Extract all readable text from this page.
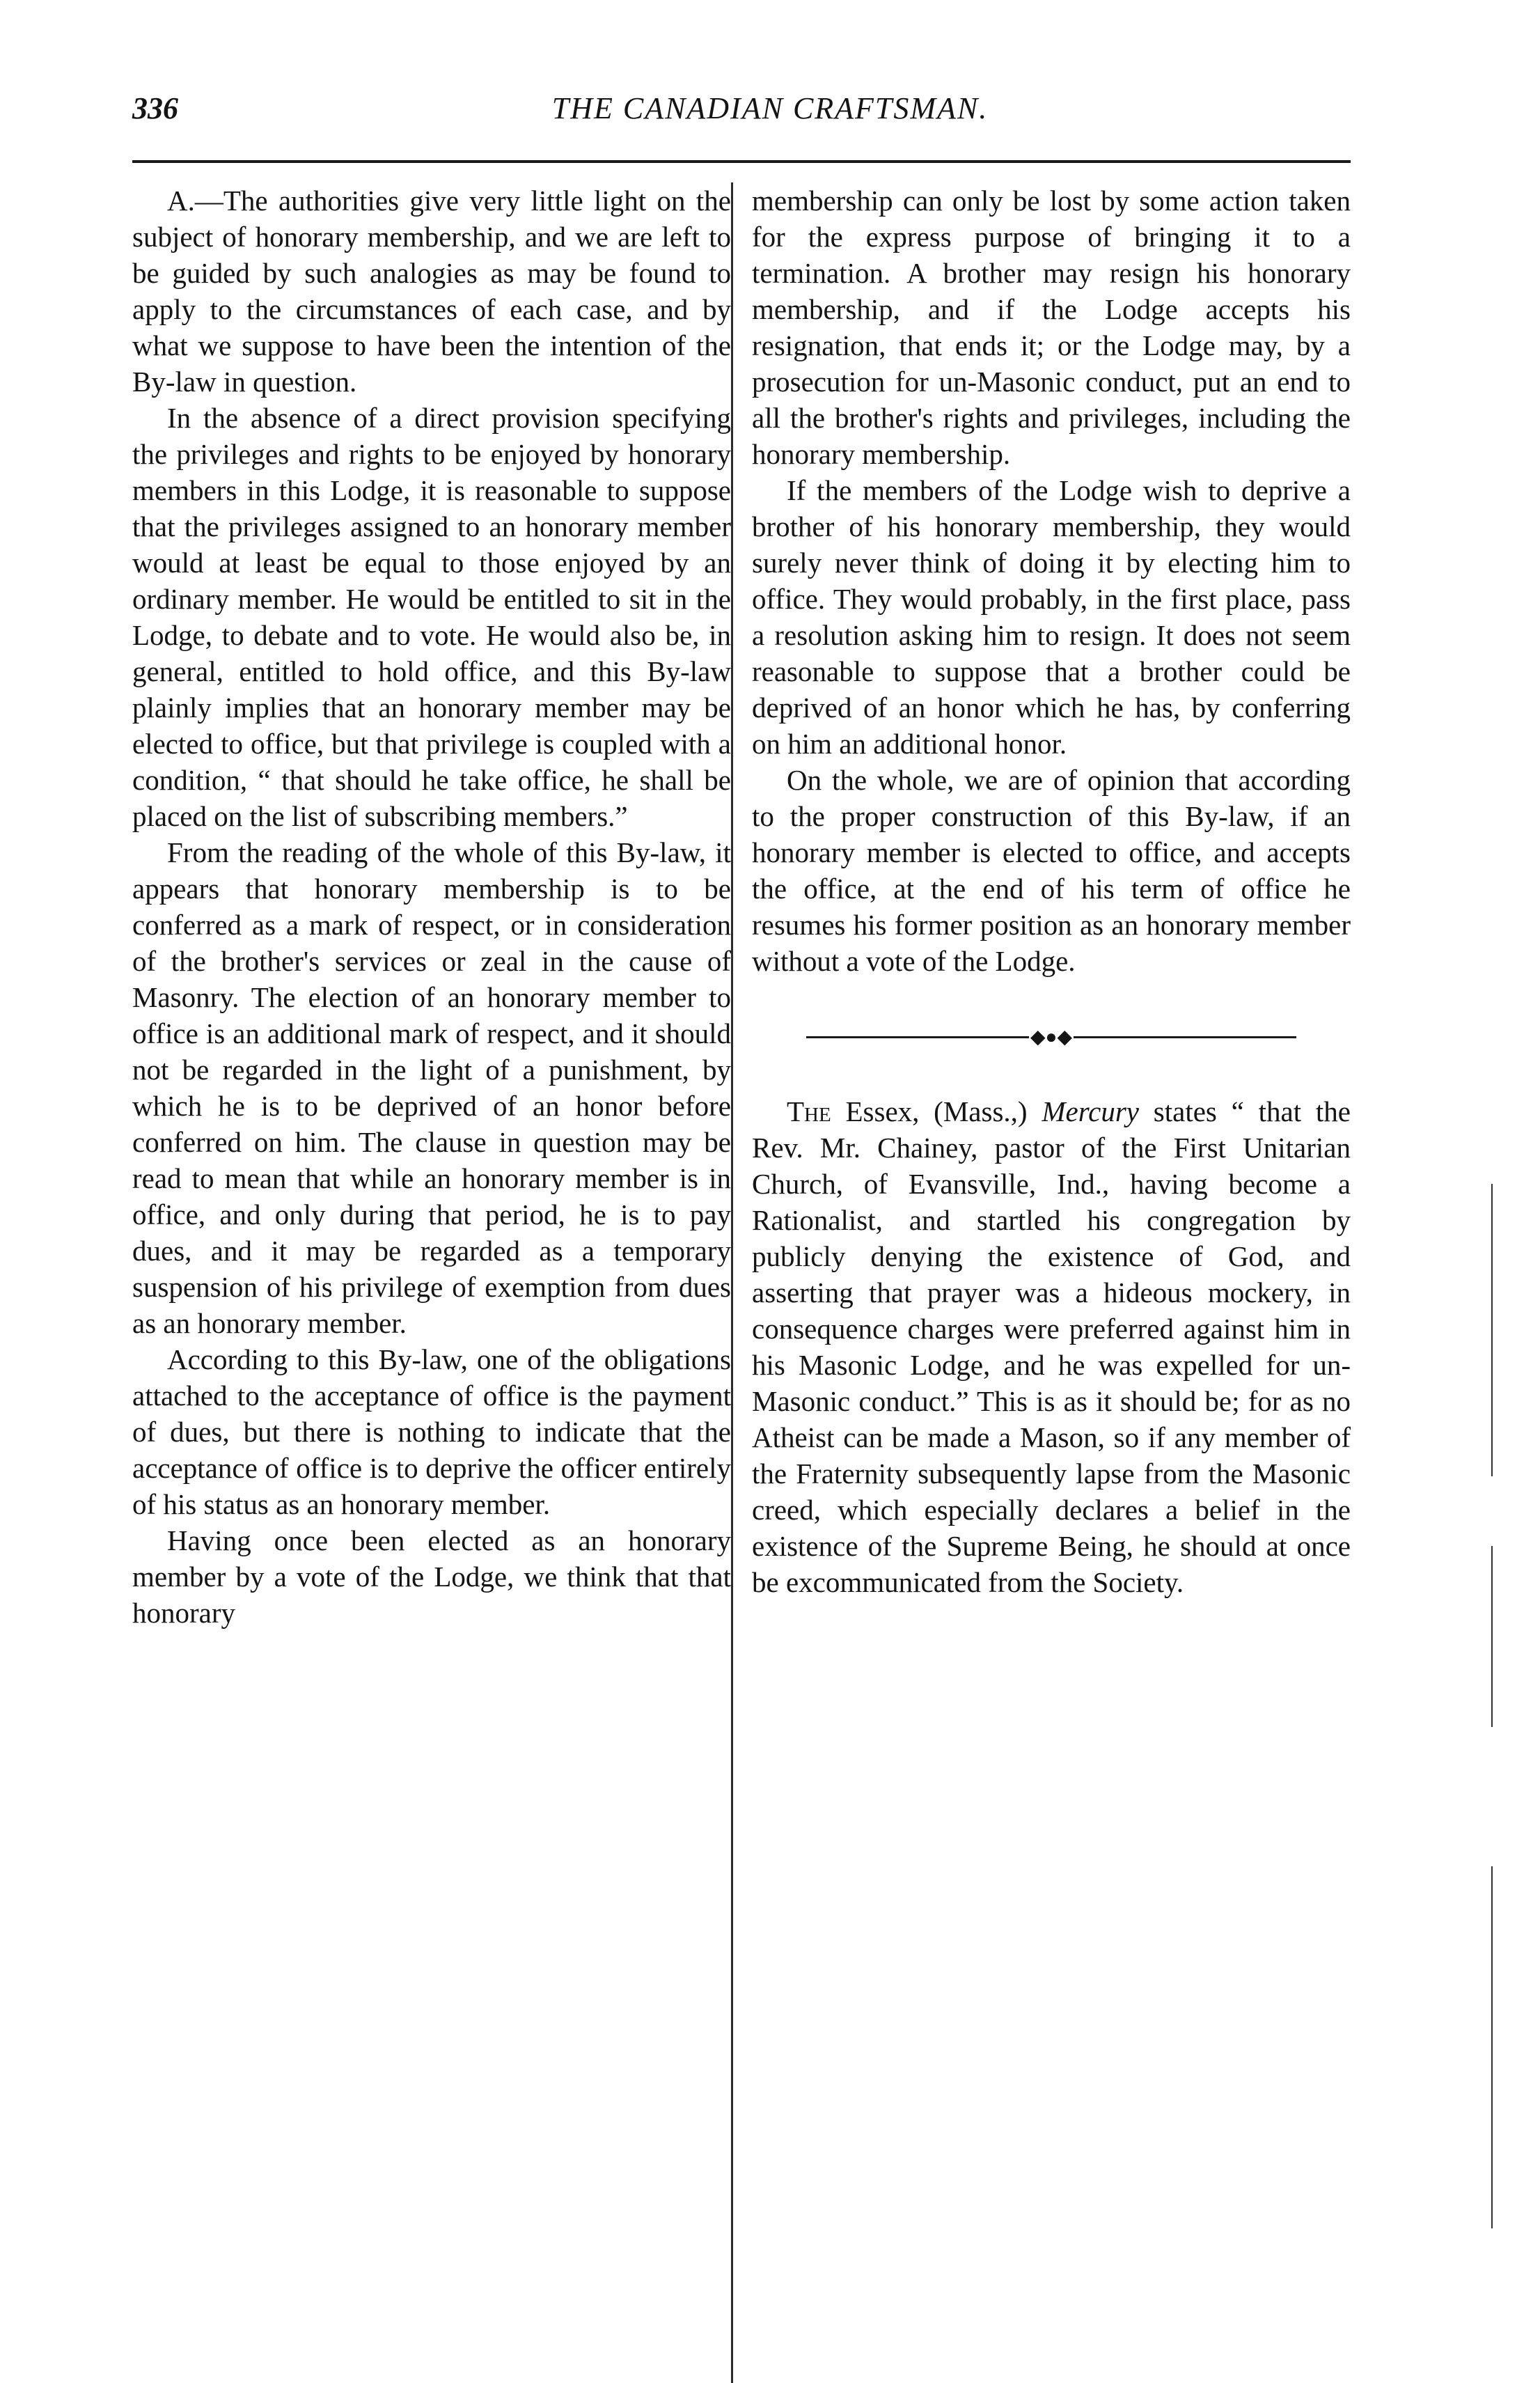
336	THE CANADIAN CRAFTSMAN.

A.—The authorities give very little light on the subject of honorary membership, and we are left to be guided by such analogies as may be found to apply to the circumstances of each case, and by what we suppose to have been the intention of the By-law in question.

In the absence of a direct provision specifying the privileges and rights to be enjoyed by honorary members in this Lodge, it is reasonable to suppose that the privileges assigned to an honorary member would at least be equal to those enjoyed by an ordinary member. He would be entitled to sit in the Lodge, to debate and to vote. He would also be, in general, entitled to hold office, and this By-law plainly implies that an honorary member may be elected to office, but that privilege is coupled with a condition, “ that should he take office, he shall be placed on the list of subscribing members.”

From the reading of the whole of this By-law, it appears that honorary membership is to be conferred as a mark of respect, or in consideration of the brother's services or zeal in the cause of Masonry. The election of an honorary member to office is an additional mark of respect, and it should not be regarded in the light of a punishment, by which he is to be deprived of an honor before conferred on him. The clause in question may be read to mean that while an honorary member is in office, and only during that period, he is to pay dues, and it may be regarded as a temporary suspension of his privilege of exemption from dues as an honorary member.

According to this By-law, one of the obligations attached to the acceptance of office is the payment of dues, but there is nothing to indicate that the acceptance of office is to deprive the officer entirely of his status as an honorary member.

Having once been elected as an honorary member by a vote of the Lodge, we think that that honorary

membership can only be lost by some action taken for the express purpose of bringing it to a termination. A brother may resign his honorary membership, and if the Lodge accepts his resignation, that ends it; or the Lodge may, by a prosecution for un-Masonic conduct, put an end to all the brother's rights and privileges, including the honorary membership.

If the members of the Lodge wish to deprive a brother of his honorary membership, they would surely never think of doing it by electing him to office. They would probably, in the first place, pass a resolution asking him to resign. It does not seem reasonable to suppose that a brother could be deprived of an honor which he has, by conferring on him an additional honor.

On the whole, we are of opinion that according to the proper construction of this By-law, if an honorary member is elected to office, and accepts the office, at the end of his term of office he resumes his former position as an honorary member without a vote of the Lodge.

◆●◆

The Essex, (Mass.,) Mercury states “ that the Rev. Mr. Chainey, pastor of the First Unitarian Church, of Evansville, Ind., having become a Rationalist, and startled his congregation by publicly denying the existence of God, and asserting that prayer was a hideous mockery, in consequence charges were preferred against him in his Masonic Lodge, and he was expelled for un-Masonic conduct.” This is as it should be; for as no Atheist can be made a Mason, so if any member of the Fraternity subsequently lapse from the Masonic creed, which especially declares a belief in the existence of the Supreme Being, he should at once be excommunicated from the Society.
